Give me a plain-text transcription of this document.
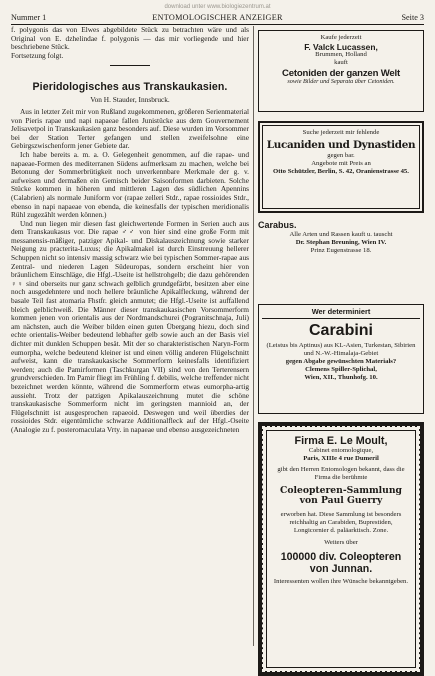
download unter www.biologiezentrum.at
Nummer 1	ENTOMOLOGISCHER ANZEIGER	Seite 3

f. polygonis das von Elwes abgebildete Stück zu betrachten wäre und als Original von E. dzhelindae f. polygonis — das mir vorliegende und hier beschriebene Stück.

Fortsetzung folgt.

Pieridologisches aus Transkaukasien.
Von H. Stauder, Innsbruck.

Aus in letzter Zeit mir von Rußland zugekommenen, größeren Serienmaterial von Pieris rapae und napi napaeae fallen Junistücke aus dem Gouvernement Jelisavetpol in Transkaukasien ganz besonders auf. Diese wurden im Vorsommer bei der Station Terter gefangen und stellen zweifelsohne eine Gebirgszwischenform jener Gebiete dar.

Ich habe bereits a. m. a. O. Gelegenheit genommen, auf die rapae- und napaeae-Formen des mediterranen Südens aufmerksam zu machen, welche bei Betonung der Sommerbrütigkeit noch unverkennbare Merkmale der g. v. aufweisen und dermaßen ein Gemisch beider Saisonformen darbieten. Solche Stücke kommen in höheren und mittleren Lagen des südlichen Apennins (Calabrien) als normale Juniform vor (rapae zelleri Stdr., rapae rossioides Stdr., ebenso in napi napaeae von ebenda, die keinesfalls der typischen meridionalis Rühl zugezählt werden können.)

Und nun liegen mir diesen fast gleichwertende Formen in Serien auch aus dem Transkaukasus vor. Die rapae ♂♂ von hier sind eine große Form mit messanensis-mäßiger, patziger Apikal- und Diskalauszeichnung sowie starker Neigung zu practerita-Luxus; die Apikalmakel ist durch Einstreuung hellerer Schuppen nicht so intensiv massig schwarz wie bei typischen Sommer-rapae aus Zentral- und niederen Lagen Südeuropas, sondern erscheint hier von bräunlichem Einschläge, die Hfgl.-Useite ist hellstrohgelb; die dazu gehörenden ♀♀ sind oberseits nur ganz schwach gelblich grundgefärbt, besitzen aber eine noch ausgedehntere und noch hellere bräunliche Apikalfleckung, während der basale Teil fast atomaria Fhstfr. gleich anmutet; die Hfgl.-Useite ist auffallend bleich gelblichweiß. Die Männer dieser transkaukasischen Vorsommerform kommen jenen von orientalis aus der Nordmandschurei (Pogranitschnaja, Juli) am nächsten, auch die Weiber bilden einen guten Übergang hiezu, doch sind echte orientalis-Weiber bedeutend lebhafter gelb sowie auch an der Basis viel dichter mit dunklen Schuppen besät. Mit der so charakteristischen Naryn-Form eumorpha, welche bedeutend kleiner ist und einen völlig anderen Flügelschnitt aufweist, kann die transkaukasische Sommerform keinesfalls identifiziert werden; auch die Pamirformen (Taschkurgan VII) sind von den Terterensern grundverschieden. Im Pamir fliegt im Frühling f. debilis, welche treffender nicht bezeichnet werden könnte, während die Sommerform etwas eumorpha-artig aussieht. Trotz der patzigen Apikalauszeichnung mutet die schöne transkaukasische Sommerform nicht im geringsten mannioid an, der Flügelschnitt ist ausgesprochen rapaeoid. Deswegen und weil überdies der rossioides Stdr. eigentümliche schwarze Additionalfleck auf der Hfgl.-Oseite (Analogie zu f. posteromaculata Vrty. in napaeae und ebenso ausgezeichneten

Kaufe jederzeit
F. Valck Lucassen,
Brummen, Holland
kauft
Cetoniden der ganzen Welt
sowie Bilder und Separata über Cetoniden.
Suche jederzeit mir fehlende
Lucaniden und Dynastiden
gegen bar.
Angebote mit Preis an
Otto Schützler, Berlin, S. 42, Oranienstrasse 45.
Carabus.
Alle Arten und Rassen kauft u. tauscht
Dr. Stephan Breuning, Wien IV.
Prinz Eugenstrasse 18.
Wer determiniert
Carabini
(Leistus bis Aptinus) aus KL-Asien, Turkestan, Sibirien und N.-W.-Himalaja-Gebiet
gegen Abgabe gewünschten Materials?
Clemens Spiller-Splichal,
Wien, XII., Thunhofg. 10.
Firma E. Le Moult,
Cabinet entomologique,
Paris, XIIIe 4 rue Dumeril
gibt den Herren Entomologen bekannt, dass die Firma die berühmte
Coleopteren-Sammlung von Paul Guerry
erworben hat. Diese Sammlung ist besonders reichhaltig an Carabiden, Buprestiden, Longicornier d. paläarktisch. Zone.
Weiters über
100000 div. Coleopteren von Junnan.
Interessenten wollen ihre Wünsche bekanntgeben.
